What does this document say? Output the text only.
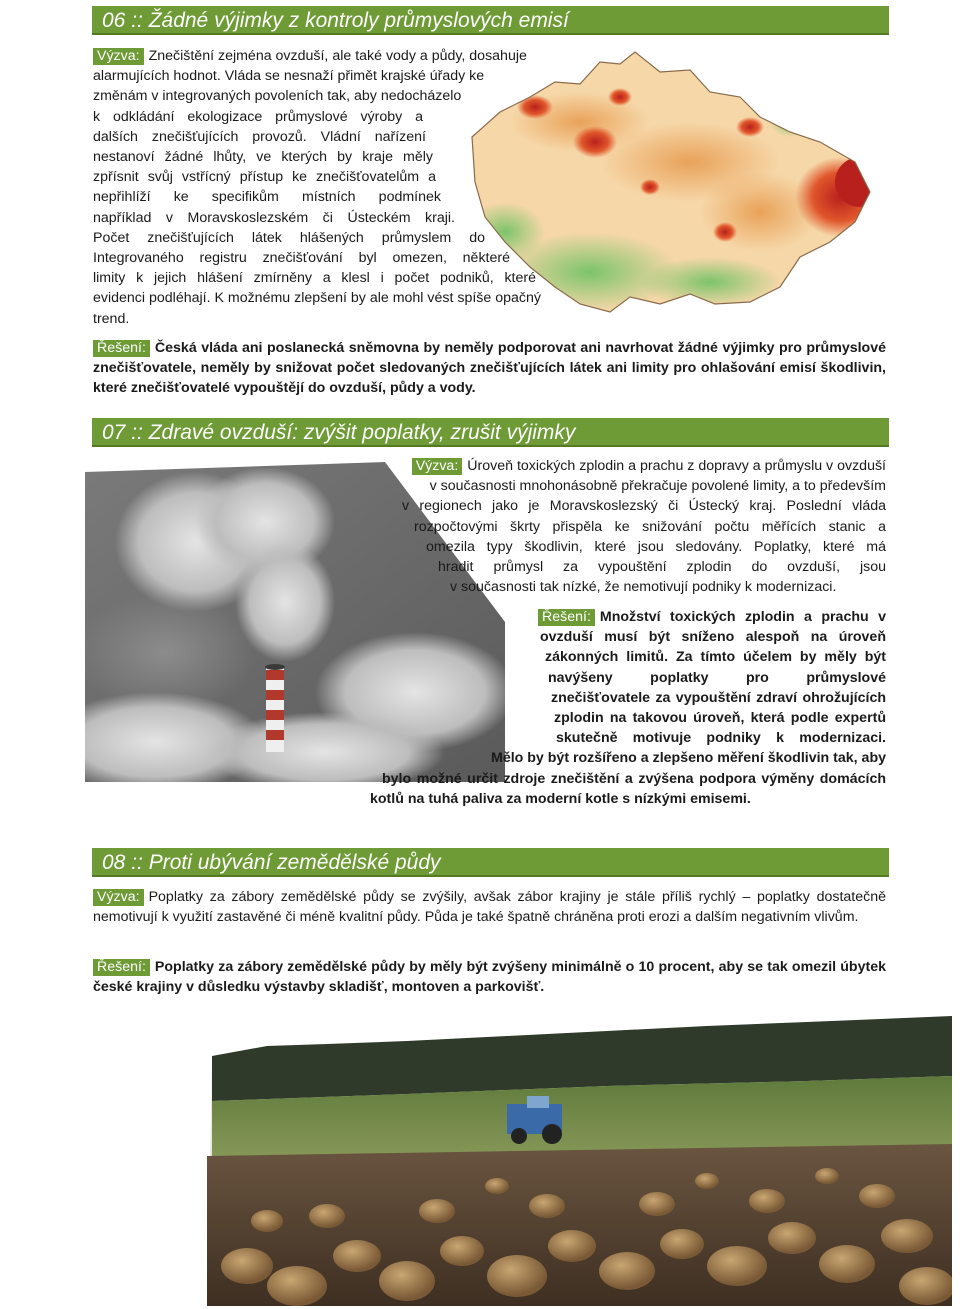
06 :: Žádné výjimky z kontroly průmyslových emisí
Výzva: Znečištění zejména ovzduší, ale také vody a půdy, dosahuje
alarmujících hodnot. Vláda se nesnaží přimět krajské úřady ke
změnám v integrovaných povoleních tak, aby nedocházelo
k odkládání ekologizace průmyslové výroby a
dalších znečišťujících provozů. Vládní nařízení
nestanoví žádné lhůty, ve kterých by kraje měly
zpřísnit svůj vstřícný přístup ke znečišťovatelům a
nepřihlíží ke specifikům místních podmínek
například v Moravskoslezském či Ústeckém kraji.
Počet znečišťujících látek hlášených průmyslem do
Integrovaného registru znečišťování byl omezen, některé
limity k jejich hlášení zmírněny a klesl i počet podniků, které
evidenci podléhají. K možnému zlepšení by ale mohl vést spíše opačný
trend.
Řešení: Česká vláda ani poslanecká sněmovna by neměly podporovat ani navrhovat žádné výjimky pro průmyslové znečišťovatele, neměly by snižovat počet sledovaných znečišťujících látek ani limity pro ohlašování emisí škodlivin, které znečišťovatelé vypouštějí do ovzduší, půdy a vody.
07 :: Zdravé ovzduší: zvýšit poplatky, zrušit výjimky
Výzva: Úroveň toxických zplodin a prachu z dopravy a průmyslu v ovzduší
v současnosti mnohonásobně překračuje povolené limity, a to především
v regionech jako je Moravskoslezský či Ústecký kraj. Poslední vláda
rozpočtovými škrty přispěla ke snižování počtu měřících stanic a
omezila typy škodlivin, které jsou sledovány. Poplatky, které má
hradit průmysl za vypouštění zplodin do ovzduší, jsou
v současnosti tak nízké, že nemotivují podniky k modernizaci.
Řešení: Množství toxických zplodin a prachu v
ovzduší musí být sníženo alespoň na úroveň
zákonných limitů. Za tímto účelem by měly být
navýšeny poplatky pro průmyslové
znečišťovatele za vypouštění zdraví ohrožujících
zplodin na takovou úroveň, která podle expertů
skutečně motivuje podniky k modernizaci.
Mělo by být rozšířeno a zlepšeno měření škodlivin tak, aby
bylo možné určit zdroje znečištění a zvýšena podpora výměny domácích
kotlů na tuhá paliva za moderní kotle s nízkými emisemi.
08 :: Proti ubývání zemědělské půdy
Výzva: Poplatky za zábory zemědělské půdy se zvýšily, avšak zábor krajiny je stále příliš rychlý – poplatky dostatečně nemotivují k využití zastavěné či méně kvalitní půdy. Půda je také špatně chráněna proti erozi a dalším negativním vlivům.
Řešení: Poplatky za zábory zemědělské půdy by měly být zvýšeny minimálně o 10 procent, aby se tak omezil úbytek české krajiny v důsledku výstavby skladišť, montoven a parkovišť.
